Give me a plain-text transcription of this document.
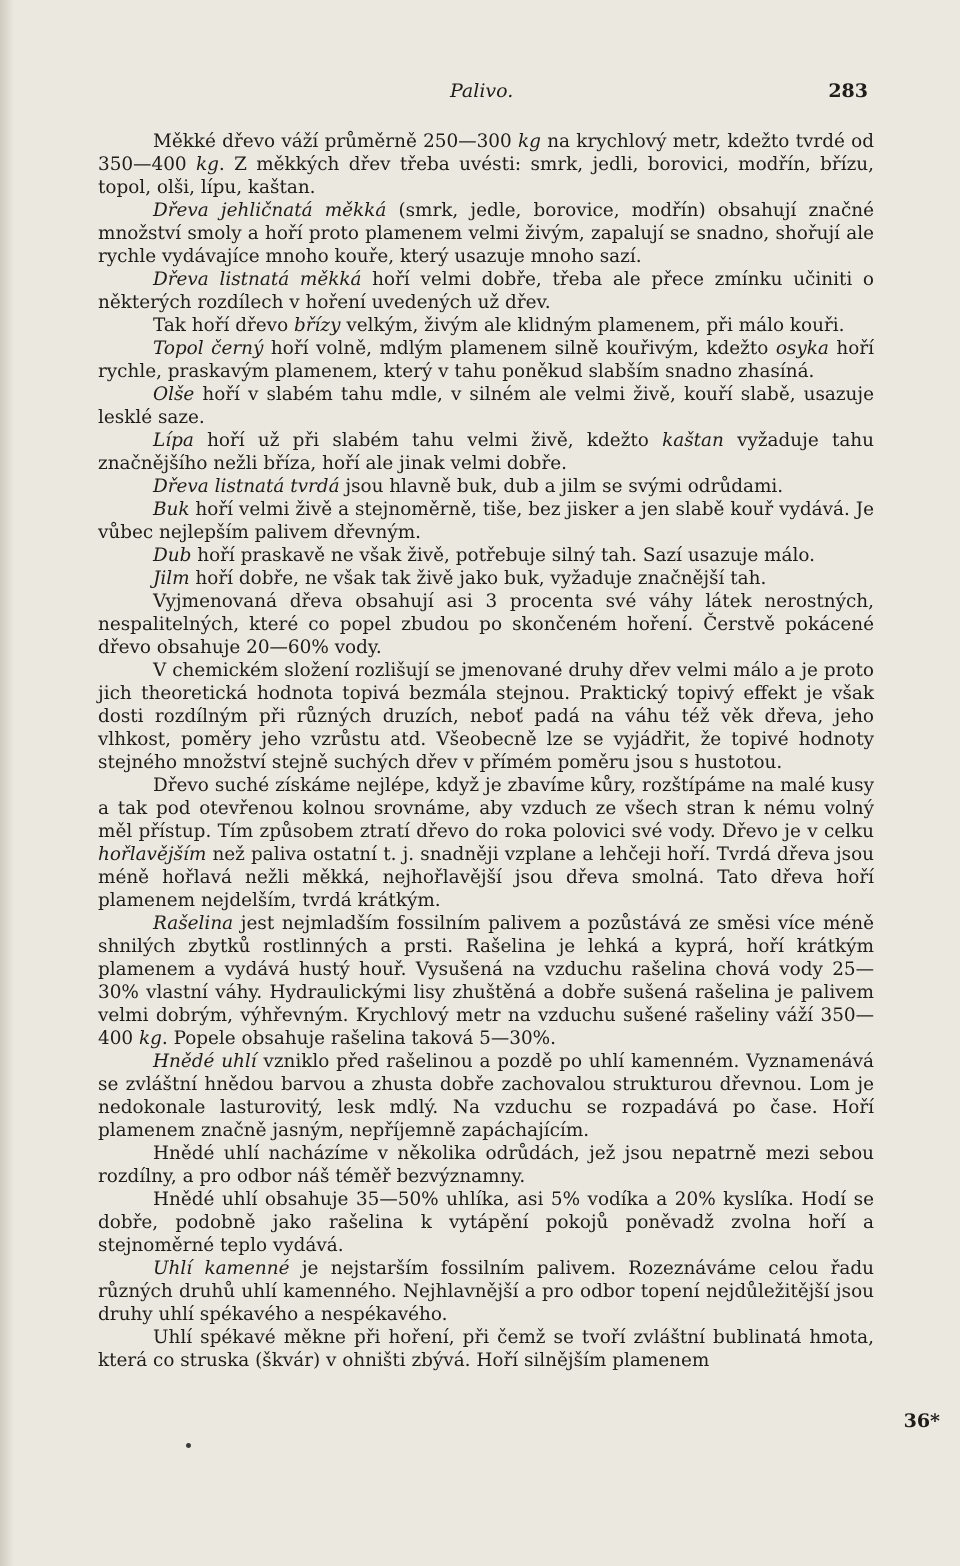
Palivo.	283

Měkké dřevo váží průměrně 250—300 kg na krychlový metr, kdežto tvrdé od 350—400 kg. Z měkkých dřev třeba uvésti: smrk, jedli, borovici, modřín, břízu, topol, olši, lípu, kaštan.

Dřeva jehličnatá měkká (smrk, jedle, borovice, modřín) obsahují značné množství smoly a hoří proto plamenem velmi živým, zapalují se snadno, shořují ale rychle vydávajíce mnoho kouře, který usazuje mnoho sazí.

Dřeva listnatá měkká hoří velmi dobře, třeba ale přece zmínku učiniti o některých rozdílech v hoření uvedených už dřev.

Tak hoří dřevo břízy velkým, živým ale klidným plamenem, při málo kouři.

Topol černý hoří volně, mdlým plamenem silně kouřivým, kdežto osyka hoří rychle, praskavým plamenem, který v tahu poněkud slabším snadno zhasíná.

Olše hoří v slabém tahu mdle, v silném ale velmi živě, kouří slabě, usazuje lesklé saze.

Lípa hoří už při slabém tahu velmi živě, kdežto kaštan vyžaduje tahu značnějšího nežli bříza, hoří ale jinak velmi dobře.

Dřeva listnatá tvrdá jsou hlavně buk, dub a jilm se svými odrůdami.

Buk hoří velmi živě a stejnoměrně, tiše, bez jisker a jen slabě kouř vydává. Je vůbec nejlepším palivem dřevným.

Dub hoří praskavě ne však živě, potřebuje silný tah. Sazí usazuje málo.

Jilm hoří dobře, ne však tak živě jako buk, vyžaduje značnější tah.

Vyjmenovaná dřeva obsahují asi 3 procenta své váhy látek nerostných, nespalitelných, které co popel zbudou po skončeném hoření. Čerstvě pokácené dřevo obsahuje 20—60% vody.

V chemickém složení rozlišují se jmenované druhy dřev velmi málo a je proto jich theoretická hodnota topivá bezmála stejnou. Praktický topivý effekt je však dosti rozdílným při různých druzích, neboť padá na váhu též věk dřeva, jeho vlhkost, poměry jeho vzrůstu atd. Všeobecně lze se vyjádřit, že topivé hodnoty stejného množství stejně suchých dřev v přímém poměru jsou s hustotou.

Dřevo suché získáme nejlépe, když je zbavíme kůry, rozštípáme na malé kusy a tak pod otevřenou kolnou srovnáme, aby vzduch ze všech stran k nému volný měl přístup. Tím způsobem ztratí dřevo do roka polovici své vody. Dřevo je v celku hořlavějším než paliva ostatní t. j. snadněji vzplane a lehčeji hoří. Tvrdá dřeva jsou méně hořlavá nežli měkká, nejhořlavější jsou dřeva smolná. Tato dřeva hoří plamenem nejdelším, tvrdá krátkým.

Rašelina jest nejmladším fossilním palivem a pozůstává ze směsi více méně shnilých zbytků rostlinných a prsti. Rašelina je lehká a kyprá, hoří krátkým plamenem a vydává hustý houř. Vysušená na vzduchu rašelina chová vody 25—30% vlastní váhy. Hydraulickými lisy zhuštěná a dobře sušená rašelina je palivem velmi dobrým, výhřevným. Krychlový metr na vzduchu sušené rašeliny váží 350—400 kg. Popele obsahuje rašelina taková 5—30%.

Hnědé uhlí vzniklo před rašelinou a pozdě po uhlí kamenném. Vyznamenává se zvláštní hnědou barvou a zhusta dobře zachovalou strukturou dřevnou. Lom je nedokonale lasturovitý, lesk mdlý. Na vzduchu se rozpadává po čase. Hoří plamenem značně jasným, nepříjemně zapáchajícím.

Hnědé uhlí nacházíme v několika odrůdách, jež jsou nepatrně mezi sebou rozdílny, a pro odbor náš téměř bezvýznamny.

Hnědé uhlí obsahuje 35—50% uhlíka, asi 5% vodíka a 20% kyslíka. Hodí se dobře, podobně jako rašelina k vytápění pokojů poněvadž zvolna hoří a stejnoměrné teplo vydává.

Uhlí kamenné je nejstarším fossilním palivem. Rozeznáváme celou řadu různých druhů uhlí kamenného. Nejhlavnější a pro odbor topení nejdůležitější jsou druhy uhlí spékavého a nespékavého.

Uhlí spékavé měkne při hoření, při čemž se tvoří zvláštní bublinatá hmota, která co struska (škvár) v ohništi zbývá. Hoří silnějším plamenem

36*
